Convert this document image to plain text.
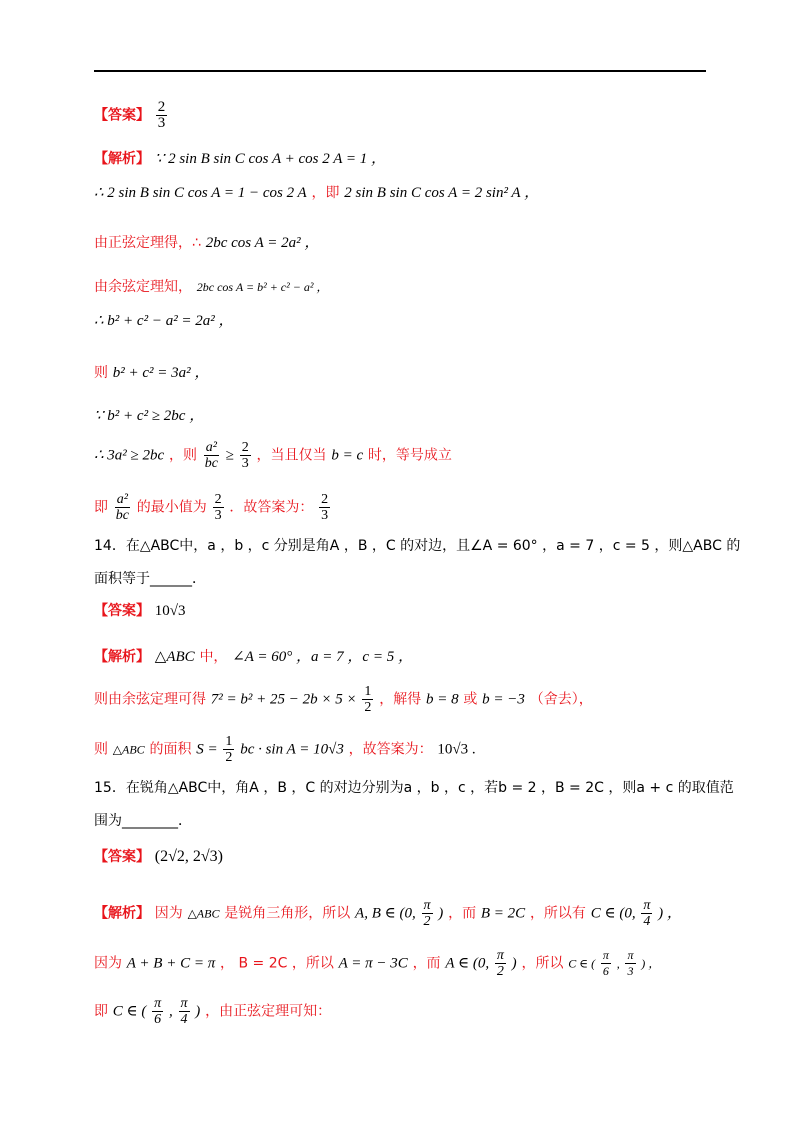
【答案】 $\frac{2}{3}$
【解析】 ∵ 2 sin B sin C cos A + cos 2 A = 1 ，
∴ 2 sin B sin C cos A = 1 − cos 2 A ，即 2 sin B sin C cos A = 2 sin² A ，
由正弦定理得，∴ 2bc cos A = 2a² ，
由余弦定理知， 2bc cos A = b² + c² − a² ，
∴ b² + c² − a² = 2a² ，
则 b² + c² = 3a² ，
∵ b² + c² ≥ 2bc ，
∴ 3a² ≥ 2bc ，则 $\frac{\text{a²}}{bc} \ge \frac{2}{3}$ ，当且仅当 b = c 时，等号成立
即 $\frac{\text{a²}}{bc}$ 的最小值为 $\frac{2}{3}$ ．故答案为： $\frac{2}{3}$
14．在△ABC中，a ，b ，c 分别是角A ，B ，C 的对边，且∠A = 60° ，a = 7 ，c = 5 ，则△ABC 的
面积等于______．
【答案】 10√3
【解析】 △ABC 中， ∠A = 60° ，a = 7 ，c = 5 ，
则由余弦定理可得 $7^2 = b^2 + 25 - 2b \times 5 \times \frac{1}{2}$ ，解得 b = 8 或 b = −3 （舍去），
则 △ABC 的面积 $S = \frac{1}{2}$ bc · sin A = 10√3 ，故答案为： 10√3 .
15．在锐角△ABC中，角A ，B ，C 的对边分别为a ，b ，c ，若b = 2 ，B = 2C ，则a + c 的取值范
围为________．
【答案】 (2√2, 2√3)
【解析】 因为 △ABC 是锐角三角形，所以 A, B ∈ (0, $\frac{\pi}{2}$ ) ，而 B = 2C ，所以有 C ∈ (0, $\frac{\pi}{4}$ ) ，
因为 A + B + C = π ， B = 2C ，所以 A = π − 3C ，而 A ∈ (0, $\frac{\pi}{2}$ ) ，所以 C ∈ ( $\frac{\pi}{6}$ , $\frac{\pi}{3}$ ) ，
即 C ∈ ( $\frac{\pi}{6}$ , $\frac{\pi}{4}$ ) ，由正弦定理可知：
